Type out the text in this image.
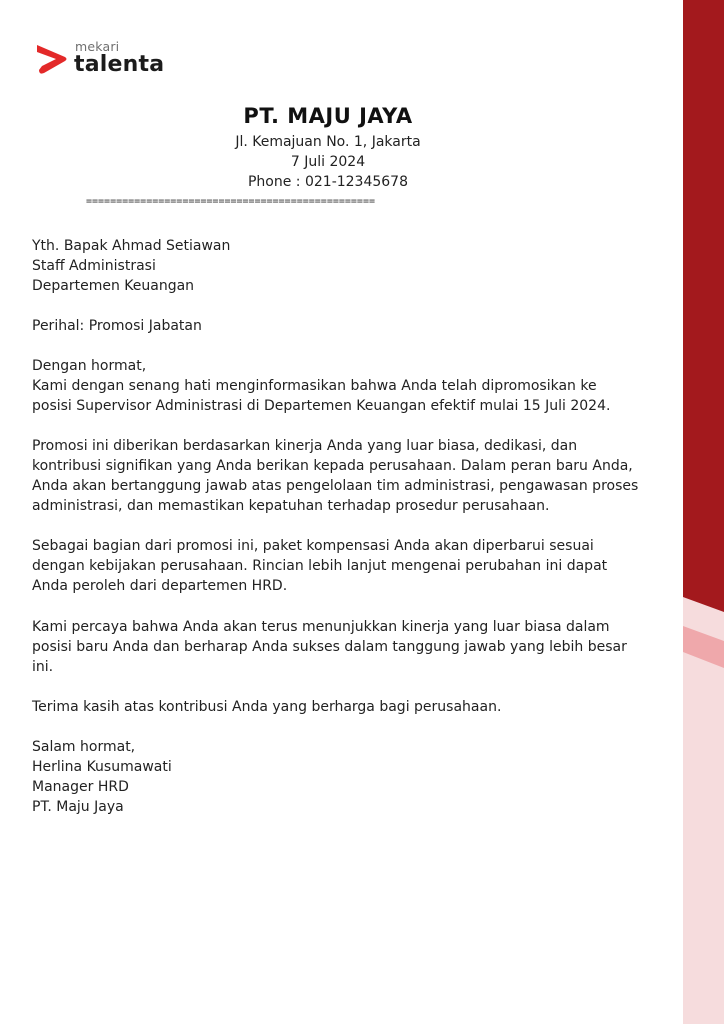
mekari
talenta
PT. MAJU JAYA
Jl. Kemajuan No. 1, Jakarta
7 Juli 2024
Phone : 021-12345678
================================================
Yth. Bapak Ahmad Setiawan
Staff Administrasi
Departemen Keuangan
Perihal: Promosi Jabatan
Dengan hormat,
Kami dengan senang hati menginformasikan bahwa Anda telah dipromosikan ke
posisi Supervisor Administrasi di Departemen Keuangan efektif mulai 15 Juli 2024.
Promosi ini diberikan berdasarkan kinerja Anda yang luar biasa, dedikasi, dan
kontribusi signifikan yang Anda berikan kepada perusahaan. Dalam peran baru Anda,
Anda akan bertanggung jawab atas pengelolaan tim administrasi, pengawasan proses
administrasi, dan memastikan kepatuhan terhadap prosedur perusahaan.
Sebagai bagian dari promosi ini, paket kompensasi Anda akan diperbarui sesuai
dengan kebijakan perusahaan. Rincian lebih lanjut mengenai perubahan ini dapat
Anda peroleh dari departemen HRD.
Kami percaya bahwa Anda akan terus menunjukkan kinerja yang luar biasa dalam
posisi baru Anda dan berharap Anda sukses dalam tanggung jawab yang lebih besar
ini.
Terima kasih atas kontribusi Anda yang berharga bagi perusahaan.
Salam hormat,
Herlina Kusumawati
Manager HRD
PT. Maju Jaya
